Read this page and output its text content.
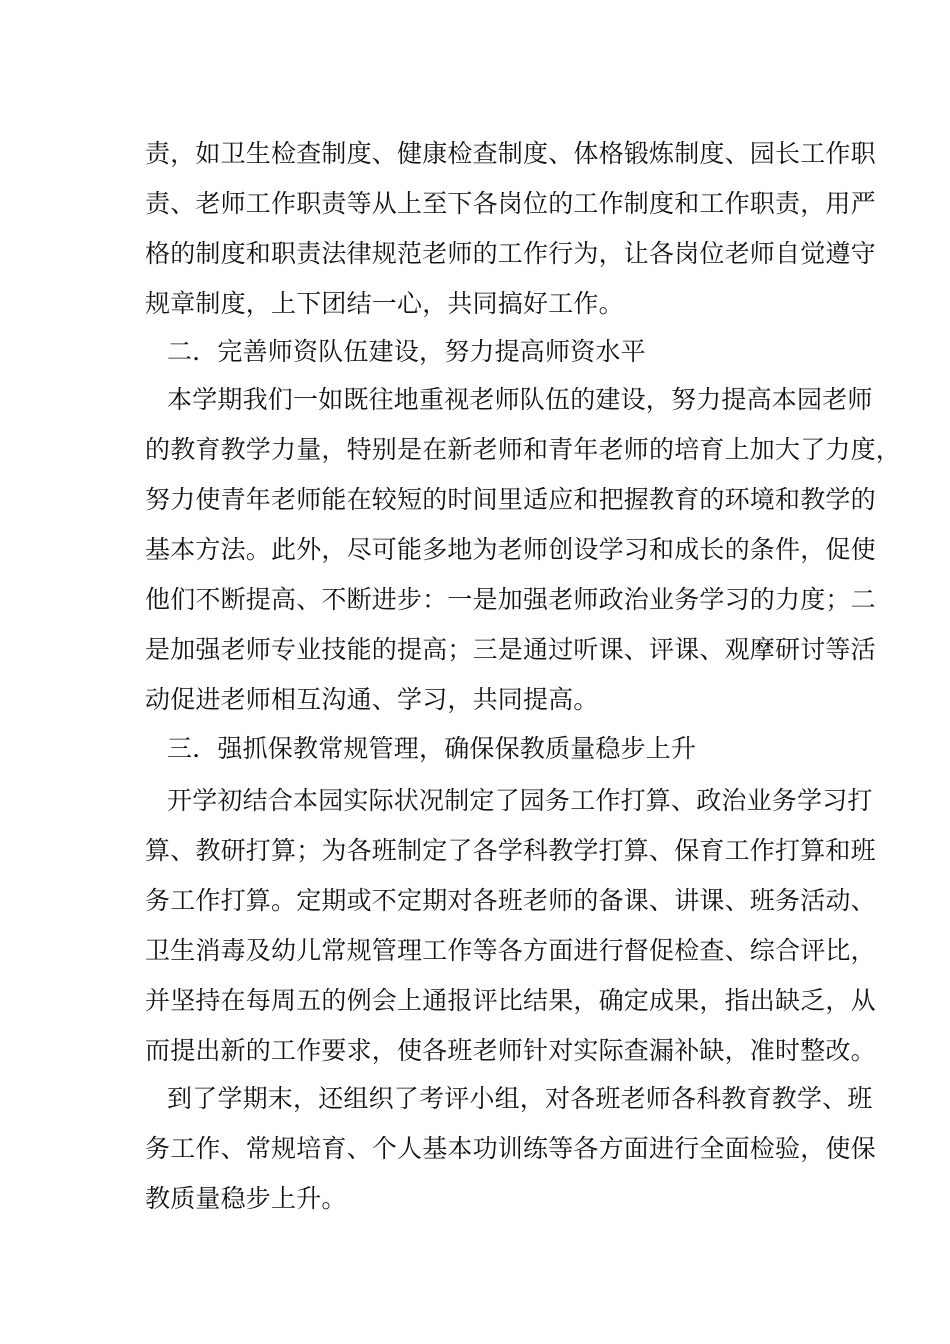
责，如卫生检查制度、健康检查制度、体格锻炼制度、园长工作职
责、老师工作职责等从上至下各岗位的工作制度和工作职责，用严
格的制度和职责法律规范老师的工作行为，让各岗位老师自觉遵守
规章制度，上下团结一心，共同搞好工作。
二．完善师资队伍建设，努力提高师资水平
本学期我们一如既往地重视老师队伍的建设，努力提高本园老师
的教育教学力量，特别是在新老师和青年老师的培育上加大了力度，
努力使青年老师能在较短的时间里适应和把握教育的环境和教学的
基本方法。此外，尽可能多地为老师创设学习和成长的条件，促使
他们不断提高、不断进步：一是加强老师政治业务学习的力度；二
是加强老师专业技能的提高；三是通过听课、评课、观摩研讨等活
动促进老师相互沟通、学习，共同提高。
三．强抓保教常规管理，确保保教质量稳步上升
开学初结合本园实际状况制定了园务工作打算、政治业务学习打
算、教研打算；为各班制定了各学科教学打算、保育工作打算和班
务工作打算。定期或不定期对各班老师的备课、讲课、班务活动、
卫生消毒及幼儿常规管理工作等各方面进行督促检查、综合评比，
并坚持在每周五的例会上通报评比结果，确定成果，指出缺乏，从
而提出新的工作要求，使各班老师针对实际查漏补缺，准时整改。
到了学期末，还组织了考评小组，对各班老师各科教育教学、班
务工作、常规培育、个人基本功训练等各方面进行全面检验，使保
教质量稳步上升。
